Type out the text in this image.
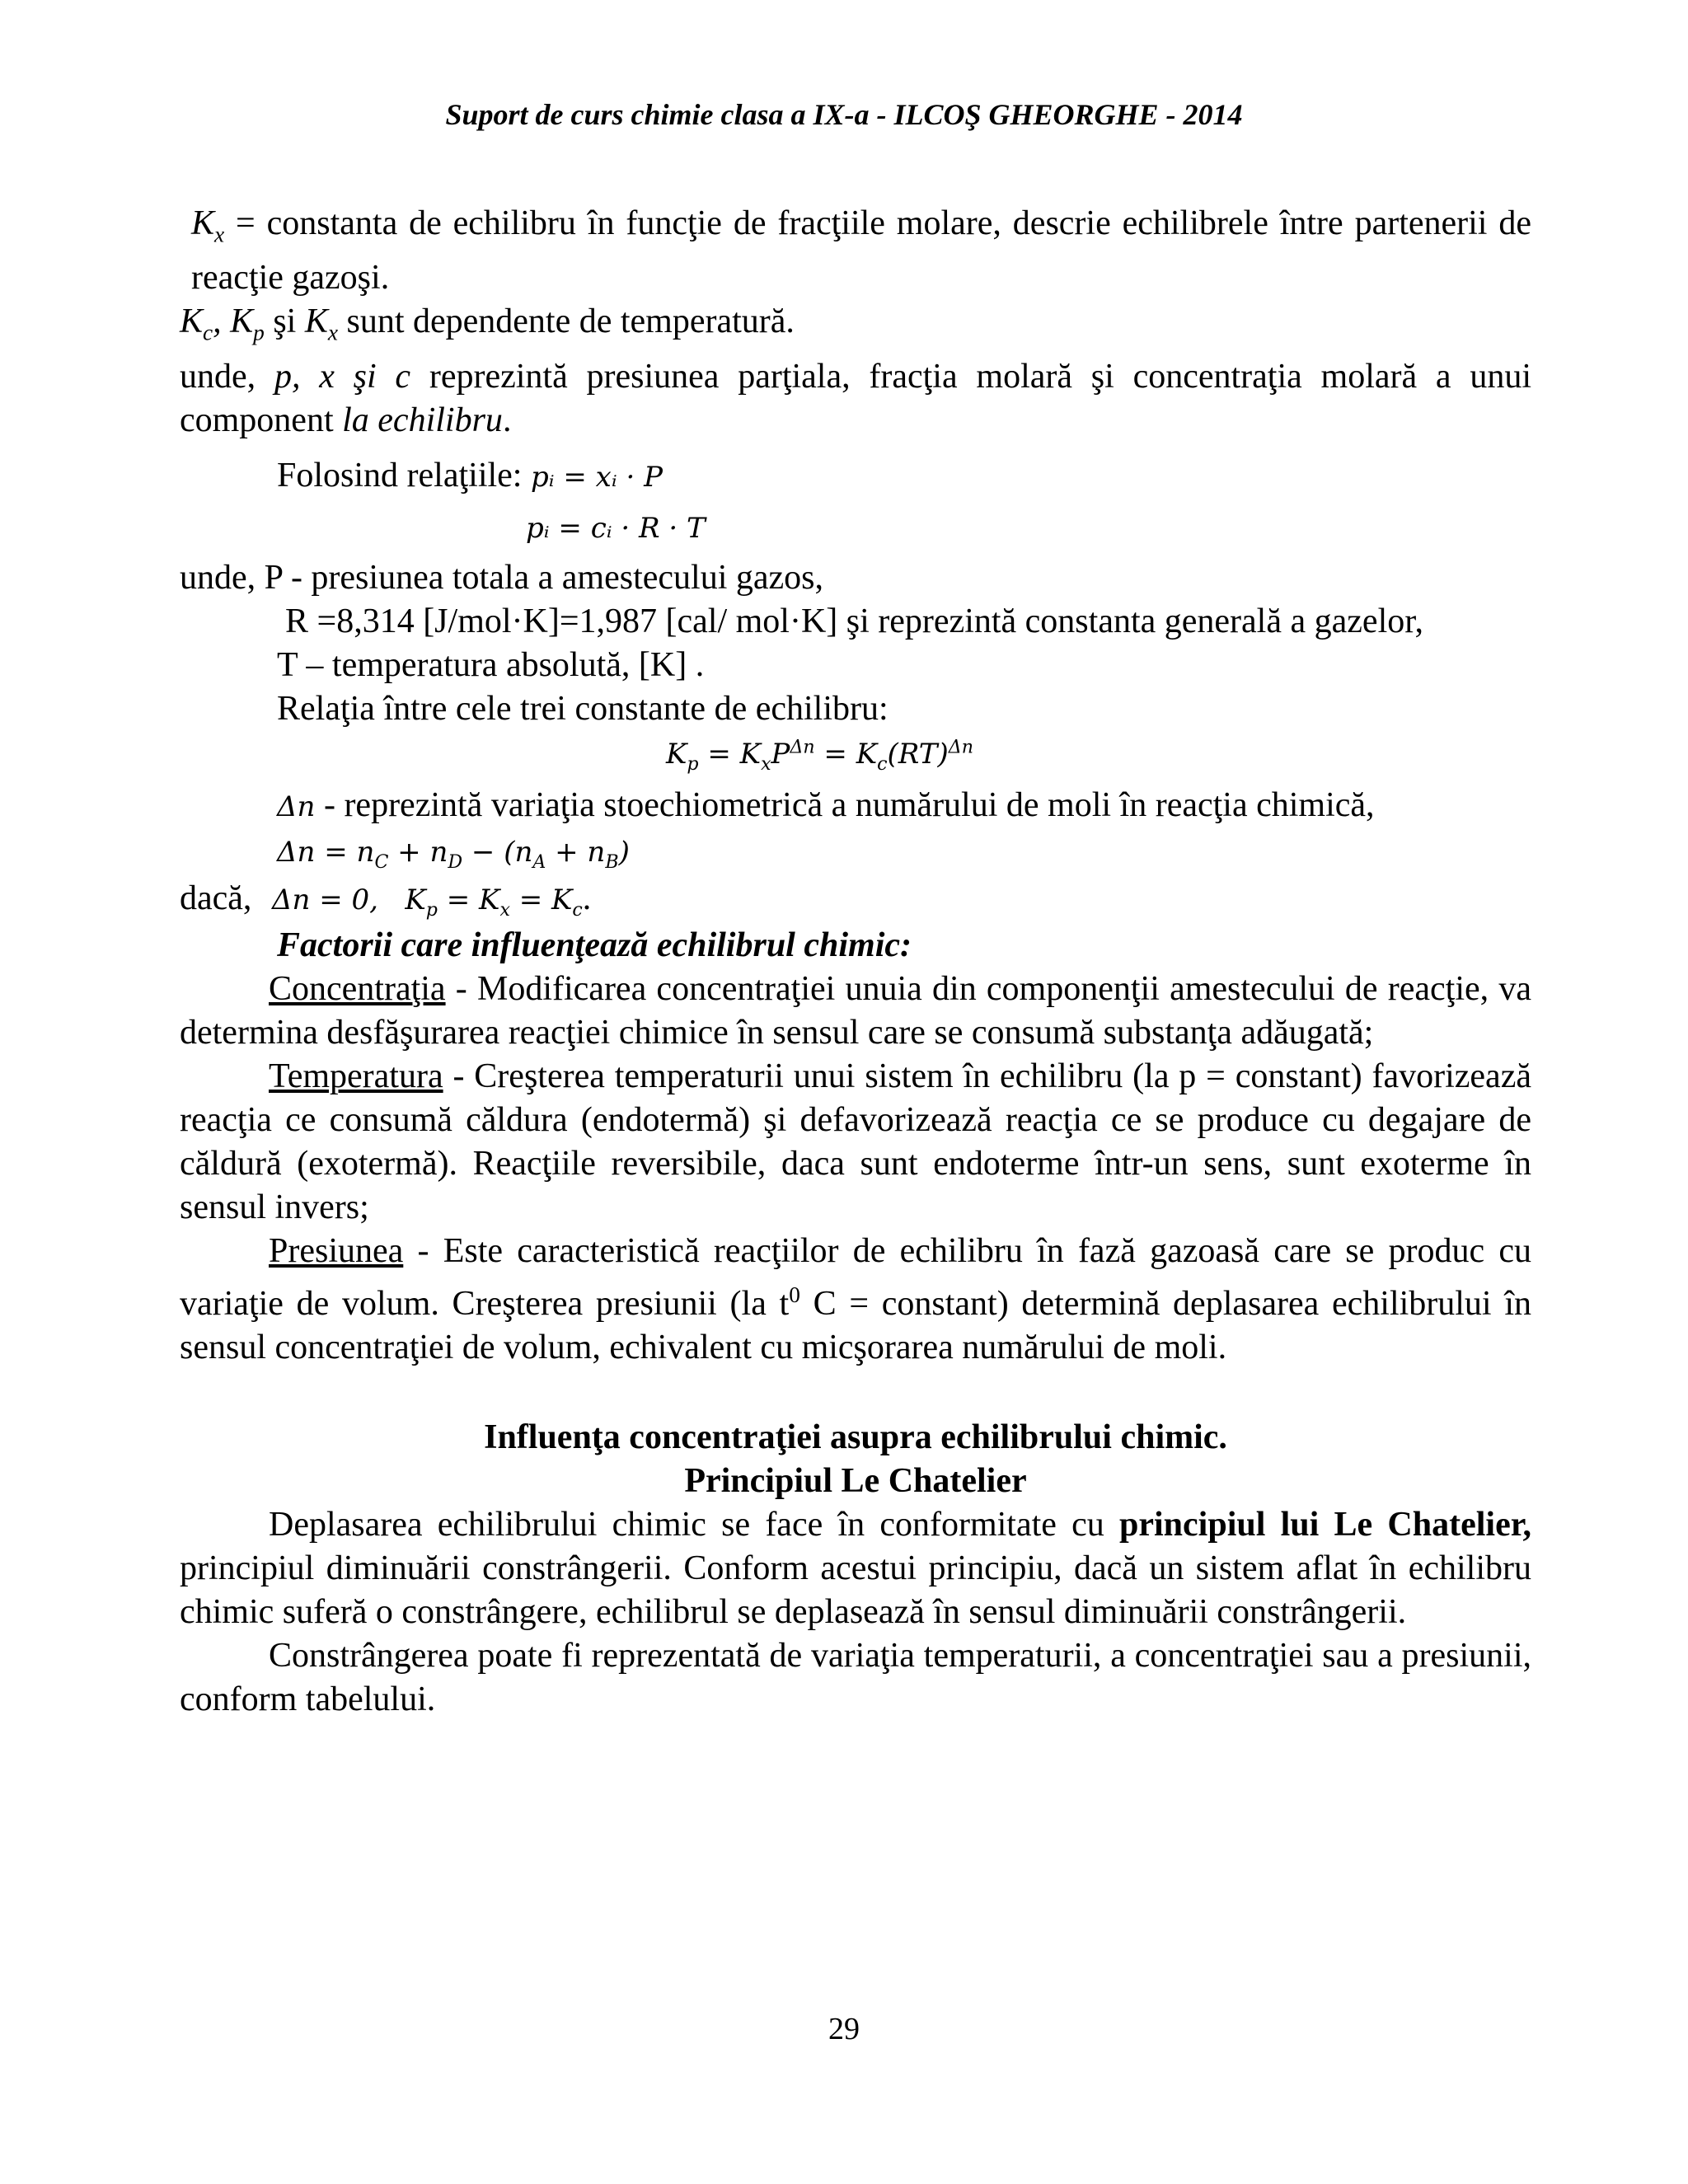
Suport de curs chimie clasa a IX-a - ILCOŞ GHEORGHE - 2014

$K_x$ = constanta de echilibru în funcţie de fracţiile molare, descrie echilibrele între partenerii de reacţie gazoşi.

$K_c$, $K_p$ şi $K_x$ sunt dependente de temperatură.

unde, p, x şi c reprezintă presiunea parţiala, fracţia molară şi concentraţia molară a unui component la echilibru.

Folosind relaţiile: pᵢ = xᵢ · P

pᵢ = cᵢ · R · T

unde, P - presiunea totala a amestecului gazos,

R =8,314 [J/mol·K]=1,987 [cal/ mol·K] şi reprezintă constanta generală a gazelor,

T – temperatura absolută, [K] .

Relaţia între cele trei constante de echilibru:

$K_p = K_xP^{\Delta n} = K_c(RT)^{\Delta n}$

Δn - reprezintă variaţia stoechiometrică a numărului de moli în reacţia chimică,

$\Delta n = n_C + n_D - (n_A + n_B)$

dacă, Δn = 0,   $K_p = K_x = K_c$.

Factorii care influenţează echilibrul chimic:

Concentraţia - Modificarea concentraţiei unuia din componenţii amestecului de reacţie, va determina desfăşurarea reacţiei chimice în sensul care se consumă substanţa adăugată;

Temperatura - Creşterea temperaturii unui sistem în echilibru (la p = constant) favorizează reacţia ce consumă căldura (endotermă) şi defavorizează reacţia ce se produce cu degajare de căldură (exotermă). Reacţiile reversibile, daca sunt endoterme într-un sens, sunt exoterme în sensul invers;

Presiunea - Este caracteristică reacţiilor de echilibru în fază gazoasă care se produc cu variaţie de volum. Creşterea presiunii (la $t^0$ C = constant) determină deplasarea echilibrului în sensul concentraţiei de volum, echivalent cu micşorarea numărului de moli.

Influenţa concentraţiei asupra echilibrului chimic.

Principiul Le Chatelier

Deplasarea echilibrului chimic se face în conformitate cu principiul lui Le Chatelier, principiul diminuării constrângerii. Conform acestui principiu, dacă un sistem aflat în echilibru chimic suferă o constrângere, echilibrul se deplasează în sensul diminuării constrângerii.

Constrângerea poate fi reprezentată de variaţia temperaturii, a concentraţiei sau a presiunii, conform tabelului.

29
